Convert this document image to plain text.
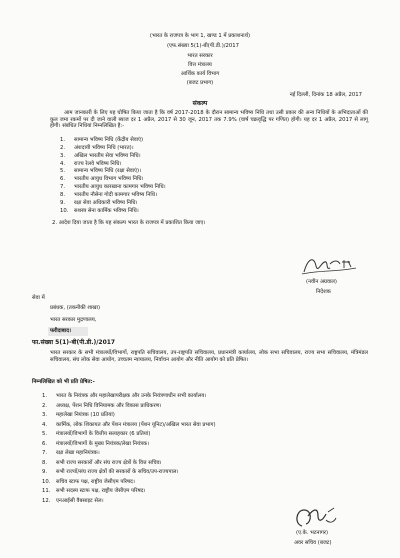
(भारत के राजपत्र के भाग 1, खण्ड 1 में प्रकाशनार्थ)
(एफ.संख्या 5(1)-बी(पी.डी.)/2017
भारत सरकार
वित्त मंत्रालय
आर्थिक कार्य विभाग
(बजट प्रभाग)
नई दिल्ली, दिनांक 18 अप्रैल, 2017
संकल्प

आम जानकारी के लिए यह घोषित किया जाता है कि वर्ष 2017-2018 के दौरान सामान्य भविष्य निधि तथा उसी प्रकार की अन्य निधियों के अभिदाताओं की कुल जमा रकमों पर दी जाने वाली ब्याज दर 1 अप्रैल, 2017 से 30 जून, 2017 तक 7.9% (वार्ष चक्रवृद्धि पर गणित) होगी। यह दर 1 अप्रैल, 2017 से लागू होगी। संबंधित निधियां निम्नलिखित है:-

1. सामान्य भविष्य निधि (केंद्रीय सेवाएं)
2. अंशदायी भविष्य निधि (भारत)।
3. अखिल भारतीय सेवा भविष्य निधि।
4. राज्य रेलवे भविष्य निधि।
5. सामान्य भविष्य निधि (रक्षा सेवाएं)।
6. भारतीय आयुध विभाग भविष्य निधि।
7. भारतीय आयुध कारखाना कामगार भविष्य निधि।
8. भारतीय नौसेना गोदी कामगार भविष्य निधि।
9. रक्षा सेवा अधिकारी भविष्य निधि।
10. सशस्त्र सेना कार्मिक भविष्य निधि।
2. आदेश दिया जाता है कि यह संकल्प भारत के राजपत्र में प्रकाशित किया जाए।
(नवीन अग्रवाल)
निदेशक
सेवा में
प्रबंधक, (तकनीकी शाखा)
भारत सरकार मुद्रणालय,
फरीदाबाद।
फा.संख्या 5(1)-बी(पी.डी.)/2017

भारत सरकार के सभी मंत्रालयों/विभागों, राष्ट्रपति सचिवालय, उप-राष्ट्रपति सचिवालय, प्रधानमंत्री कार्यालय, लोक सभा सचिवालय, राज्य सभा सचिवालय, मंत्रिमंडल सचिवालय, संघ लोक सेवा आयोग, उच्चतम न्यायालय, निर्वाचन आयोग और नीति आयोग को प्रति प्रेषित।

निम्नलिखित को भी प्रति प्रेषित:-
1. भारत के नियंत्रक और महालेखापरीक्षक और उनके नियंत्रणाधीन सभी कार्यालय।
2. अध्यक्ष, पेंशन निधि विनियामक और विकास प्राधिकरण।
3. महालेखा नियंत्रक (10 प्रतियां)
4. कार्मिक, लोक शिकायत और पेंशन मंत्रालय (पेंशन यूनिट)/अखिल भारत सेवा प्रभाग)
5. मंत्रालयों/विभागों के वित्तीय सलाहकार (6 प्रतियां)
6. मंत्रालयों/विभागों के मुख्य नियंत्रक/लेखा नियंत्रक।
7. रक्षा लेखा महानियंत्रक।
8. सभी राज्य सरकारों और संघ राज्य क्षेत्रों के वित्त सचिव।
9. सभी राज्यों/संघ राज्य क्षेत्रों की सरकारों के सचिव/उप-राज्यपाल।
10. सचिव स्टाफ पक्ष, राष्ट्रीय जेसीएम परिषद।
11. सभी सदस्य स्टाफ पक्ष, राष्ट्रीय जेसीएम परिषद।
12. एनआईसी वैबसाइट सेल।
(ए.के. भटनागर)
अवर सचिव (बजट)
